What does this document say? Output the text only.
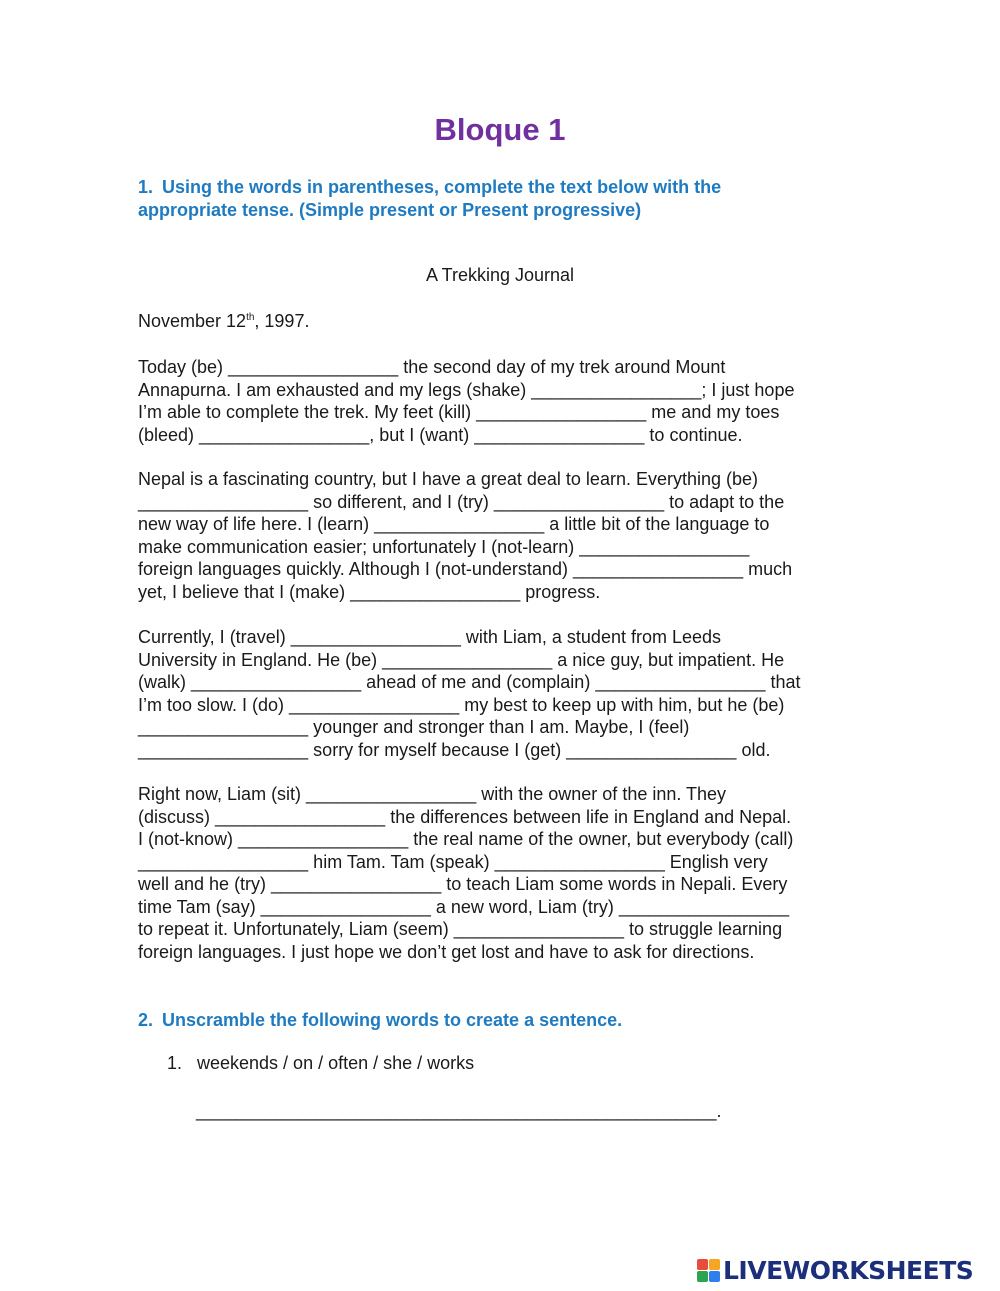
Bloque 1
1. Using the words in parentheses, complete the text below with the
appropriate tense. (Simple present or Present progressive)
A Trekking Journal
November 12th, 1997.
Today (be) _________________ the second day of my trek around Mount
Annapurna. I am exhausted and my legs (shake) _________________; I just hope
I’m able to complete the trek. My feet (kill) _________________ me and my toes
(bleed) _________________, but I (want) _________________ to continue.
Nepal is a fascinating country, but I have a great deal to learn. Everything (be)
_________________ so different, and I (try) _________________ to adapt to the
new way of life here. I (learn) _________________ a little bit of the language to
make communication easier; unfortunately I (not-learn) _________________
foreign languages quickly. Although I (not-understand) _________________ much
yet, I believe that I (make) _________________ progress.
Currently, I (travel) _________________ with Liam, a student from Leeds
University in England. He (be) _________________ a nice guy, but impatient. He
(walk) _________________ ahead of me and (complain) _________________ that
I’m too slow. I (do) _________________ my best to keep up with him, but he (be)
_________________ younger and stronger than I am. Maybe, I (feel)
_________________ sorry for myself because I (get) _________________ old.
Right now, Liam (sit) _________________ with the owner of the inn. They
(discuss) _________________ the differences between life in England and Nepal.
I (not-know) _________________ the real name of the owner, but everybody (call)
_________________ him Tam. Tam (speak) _________________ English very
well and he (try) _________________ to teach Liam some words in Nepali. Every
time Tam (say) _________________ a new word, Liam (try) _________________
to repeat it. Unfortunately, Liam (seem) _________________ to struggle learning
foreign languages. I just hope we don’t get lost and have to ask for directions.
2. Unscramble the following words to create a sentence.
1. weekends / on / often / she / works
____________________________________________________.
LIVEWORKSHEETS
